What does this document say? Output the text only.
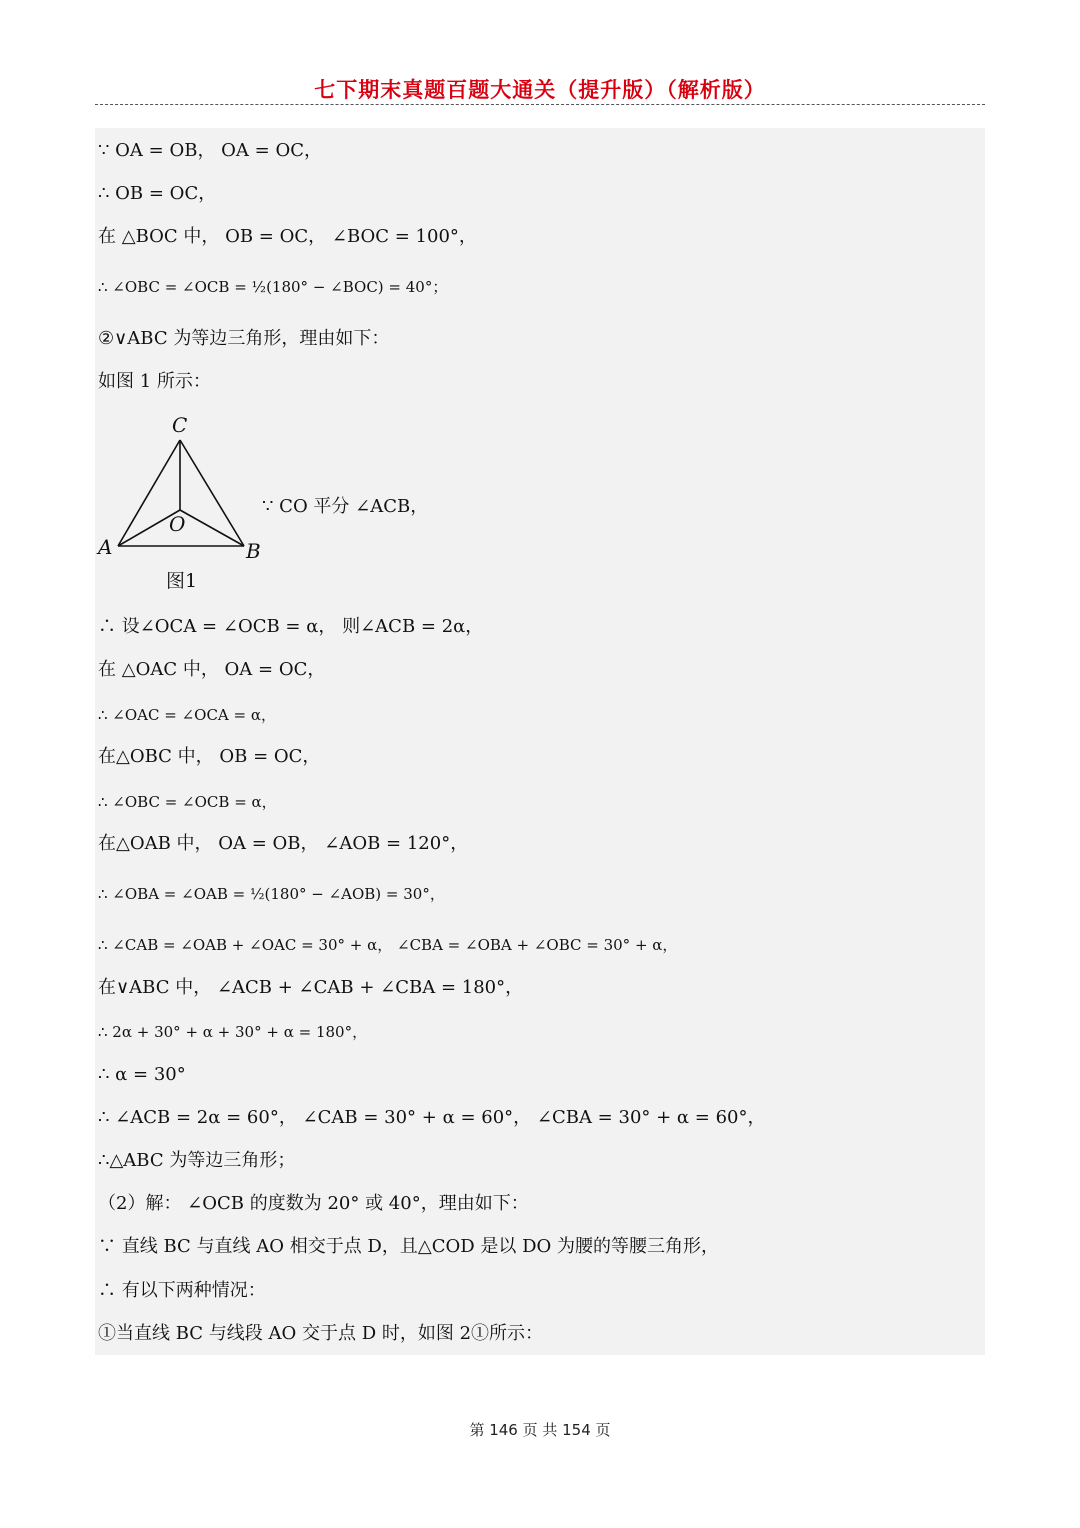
七下期末真题百题大通关（提升版）（解析版）
∵ OA = OB， OA = OC，
∴ OB = OC，
在 △BOC 中， OB = OC， ∠BOC = 100°，
∴ ∠OBC = ∠OCB = ½(180° − ∠BOC) = 40°；
②∨ABC 为等边三角形，理由如下：
如图 1 所示：
C
O
A	B
∵ CO 平分 ∠ACB，
图1
∴ 设∠OCA = ∠OCB = α， 则∠ACB = 2α，
在 △OAC 中， OA = OC，
∴ ∠OAC = ∠OCA = α，
在△OBC 中， OB = OC，
∴ ∠OBC = ∠OCB = α，
在△OAB 中， OA = OB， ∠AOB = 120°，
∴ ∠OBA = ∠OAB = ½(180° − ∠AOB) = 30°，
∴ ∠CAB = ∠OAB + ∠OAC = 30° + α， ∠CBA = ∠OBA + ∠OBC = 30° + α，
在∨ABC 中， ∠ACB + ∠CAB + ∠CBA = 180°，
∴ 2α + 30° + α + 30° + α = 180°，
∴ α = 30°
∴ ∠ACB = 2α = 60°， ∠CAB = 30° + α = 60°， ∠CBA = 30° + α = 60°，
∴△ABC 为等边三角形；
（2）解： ∠OCB 的度数为 20° 或 40°，理由如下：
∵ 直线 BC 与直线 AO 相交于点 D，且△COD 是以 DO 为腰的等腰三角形，
∴ 有以下两种情况：
①当直线 BC 与线段 AO 交于点 D 时，如图 2①所示：
第 146 页 共 154 页
